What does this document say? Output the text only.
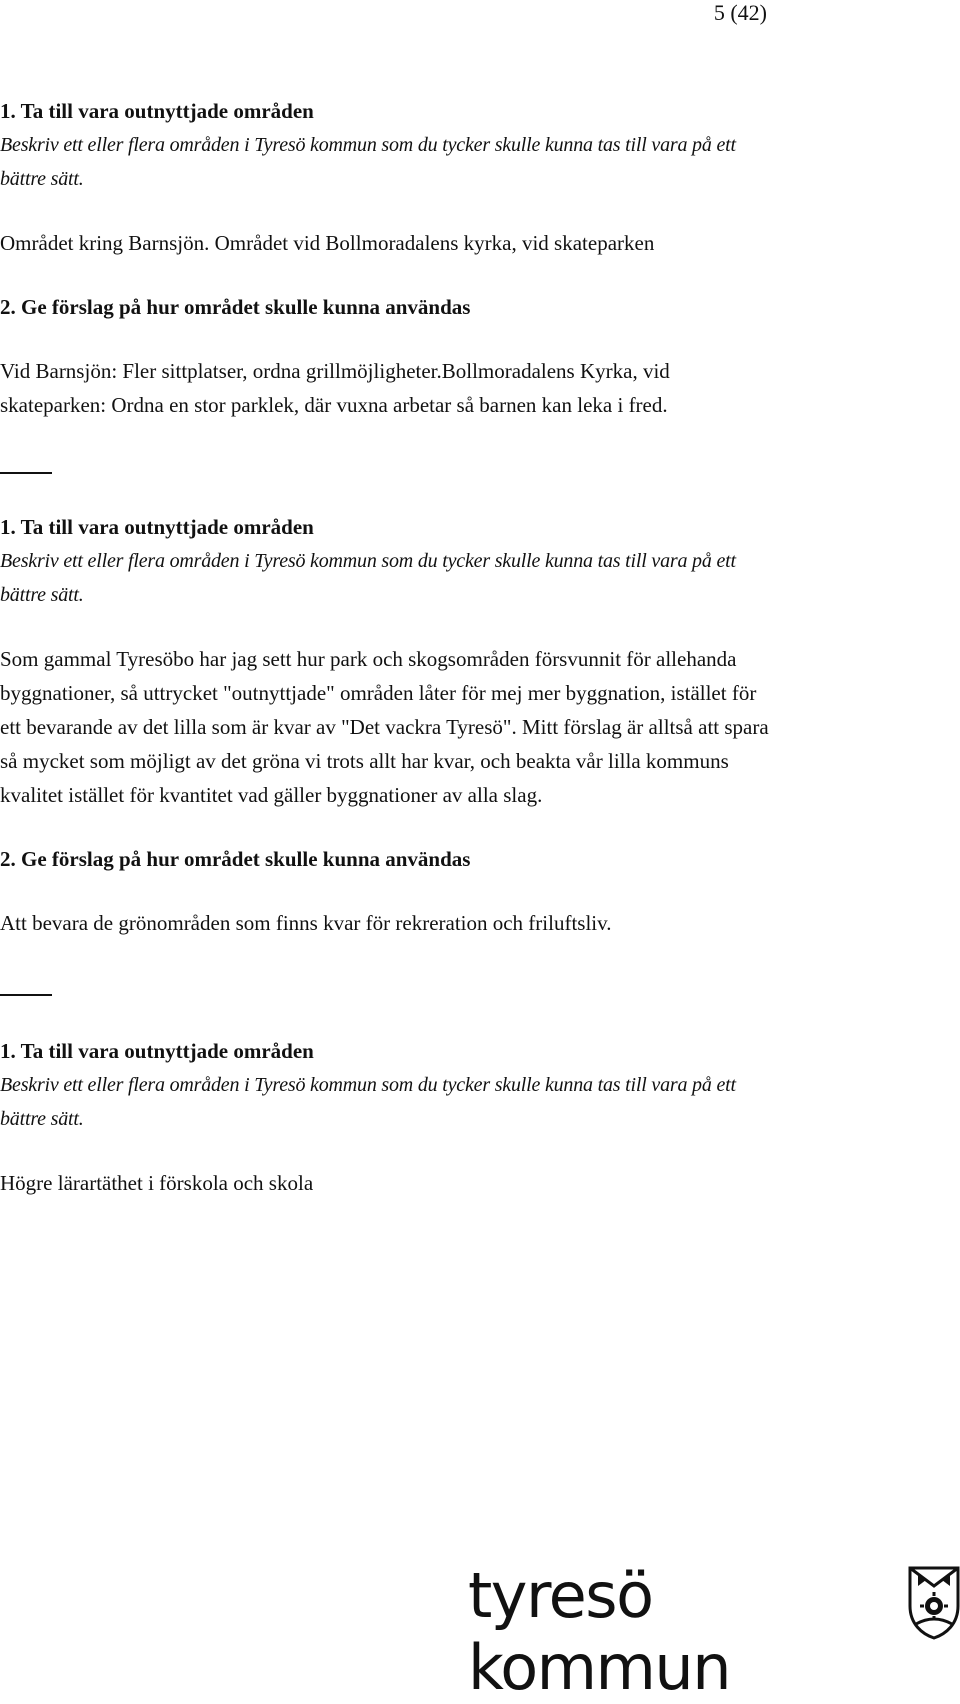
5 (42)

1. Ta till vara outnyttjade områden

Beskriv ett eller flera områden i Tyresö kommun som du tycker skulle kunna tas till vara på ett bättre sätt.

Området kring Barnsjön. Området vid Bollmoradalens kyrka, vid skateparken

2. Ge förslag på hur området skulle kunna användas

Vid Barnsjön: Fler sittplatser, ordna grillmöjligheter.Bollmoradalens Kyrka, vid skateparken: Ordna en stor parklek, där vuxna arbetar så barnen kan leka i fred.

1. Ta till vara outnyttjade områden

Beskriv ett eller flera områden i Tyresö kommun som du tycker skulle kunna tas till vara på ett bättre sätt.

Som gammal Tyresöbo har jag sett hur park och skogsområden försvunnit för allehanda byggnationer, så uttrycket "outnyttjade" områden låter för mej mer byggnation, istället för ett bevarande av det lilla som är kvar av "Det vackra Tyresö". Mitt förslag är alltså att spara så mycket som möjligt av det gröna vi trots allt har kvar, och beakta vår lilla kommuns kvalitet istället för kvantitet vad gäller byggnationer av alla slag.

2. Ge förslag på hur området skulle kunna användas

Att bevara de grönområden som finns kvar för rekreration och friluftsliv.

1. Ta till vara outnyttjade områden

Beskriv ett eller flera områden i Tyresö kommun som du tycker skulle kunna tas till vara på ett bättre sätt.

Högre lärartäthet i förskola och skola

tyresö kommun
